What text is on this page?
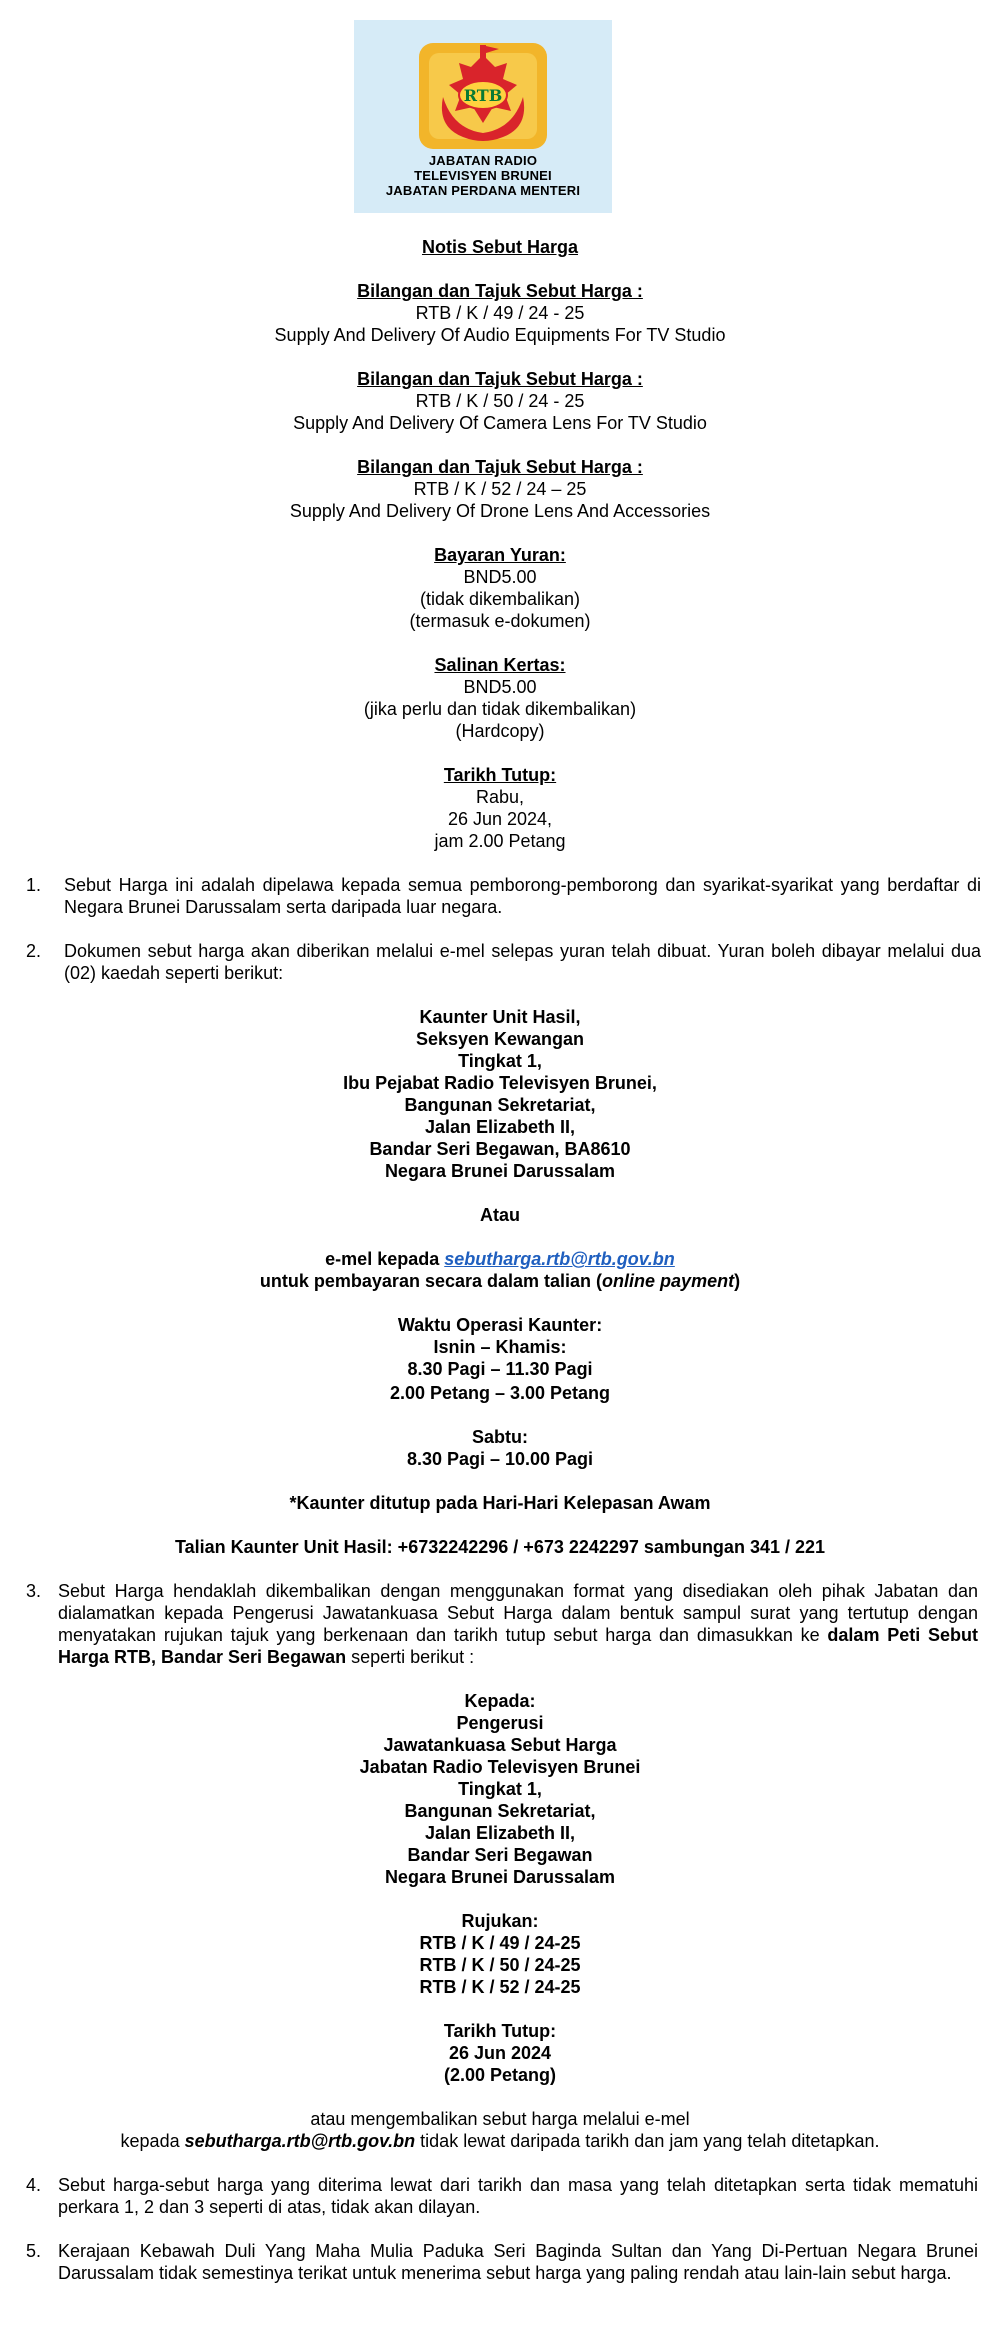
RTB
JABATAN RADIO
TELEVISYEN BRUNEI
JABATAN PERDANA MENTERI
Notis Sebut Harga
Bilangan dan Tajuk Sebut Harga :
RTB / K / 49 / 24 - 25
Supply And Delivery Of Audio Equipments For TV Studio
Bilangan dan Tajuk Sebut Harga :
RTB / K / 50 / 24 - 25
Supply And Delivery Of Camera Lens For TV Studio
Bilangan dan Tajuk Sebut Harga :
RTB / K / 52 / 24 – 25
Supply And Delivery Of Drone Lens And Accessories
Bayaran Yuran:
BND5.00
(tidak dikembalikan)
(termasuk e-dokumen)
Salinan Kertas:
BND5.00
(jika perlu dan tidak dikembalikan)
(Hardcopy)
Tarikh Tutup:
Rabu,
26 Jun 2024,
jam 2.00 Petang
1. Sebut Harga ini adalah dipelawa kepada semua pemborong-pemborong dan syarikat-syarikat yang berdaftar di Negara Brunei Darussalam serta daripada luar negara.
2. Dokumen sebut harga akan diberikan melalui e-mel selepas yuran telah dibuat. Yuran boleh dibayar melalui dua (02) kaedah seperti berikut:
Kaunter Unit Hasil,
Seksyen Kewangan
Tingkat 1,
Ibu Pejabat Radio Televisyen Brunei,
Bangunan Sekretariat,
Jalan Elizabeth II,
Bandar Seri Begawan, BA8610
Negara Brunei Darussalam
Atau
e-mel kepada sebutharga.rtb@rtb.gov.bn
untuk pembayaran secara dalam talian (online payment)
Waktu Operasi Kaunter:
Isnin – Khamis:
8.30 Pagi – 11.30 Pagi
2.00 Petang – 3.00 Petang
Sabtu:
8.30 Pagi – 10.00 Pagi
*Kaunter ditutup pada Hari-Hari Kelepasan Awam
Talian Kaunter Unit Hasil: +6732242296 / +673 2242297 sambungan 341 / 221
3. Sebut Harga hendaklah dikembalikan dengan menggunakan format yang disediakan oleh pihak Jabatan dan dialamatkan kepada Pengerusi Jawatankuasa Sebut Harga dalam bentuk sampul surat yang tertutup dengan menyatakan rujukan tajuk yang berkenaan dan tarikh tutup sebut harga dan dimasukkan ke dalam Peti Sebut Harga RTB, Bandar Seri Begawan seperti berikut :
Kepada:
Pengerusi
Jawatankuasa Sebut Harga
Jabatan Radio Televisyen Brunei
Tingkat 1,
Bangunan Sekretariat,
Jalan Elizabeth II,
Bandar Seri Begawan
Negara Brunei Darussalam
Rujukan:
RTB / K / 49 / 24-25
RTB / K / 50 / 24-25
RTB / K / 52 / 24-25
Tarikh Tutup:
26 Jun 2024
(2.00 Petang)
atau mengembalikan sebut harga melalui e-mel
kepada sebutharga.rtb@rtb.gov.bn tidak lewat daripada tarikh dan jam yang telah ditetapkan.
4. Sebut harga-sebut harga yang diterima lewat dari tarikh dan masa yang telah ditetapkan serta tidak mematuhi perkara 1, 2 dan 3 seperti di atas, tidak akan dilayan.
5. Kerajaan Kebawah Duli Yang Maha Mulia Paduka Seri Baginda Sultan dan Yang Di-Pertuan Negara Brunei Darussalam tidak semestinya terikat untuk menerima sebut harga yang paling rendah atau lain-lain sebut harga.
